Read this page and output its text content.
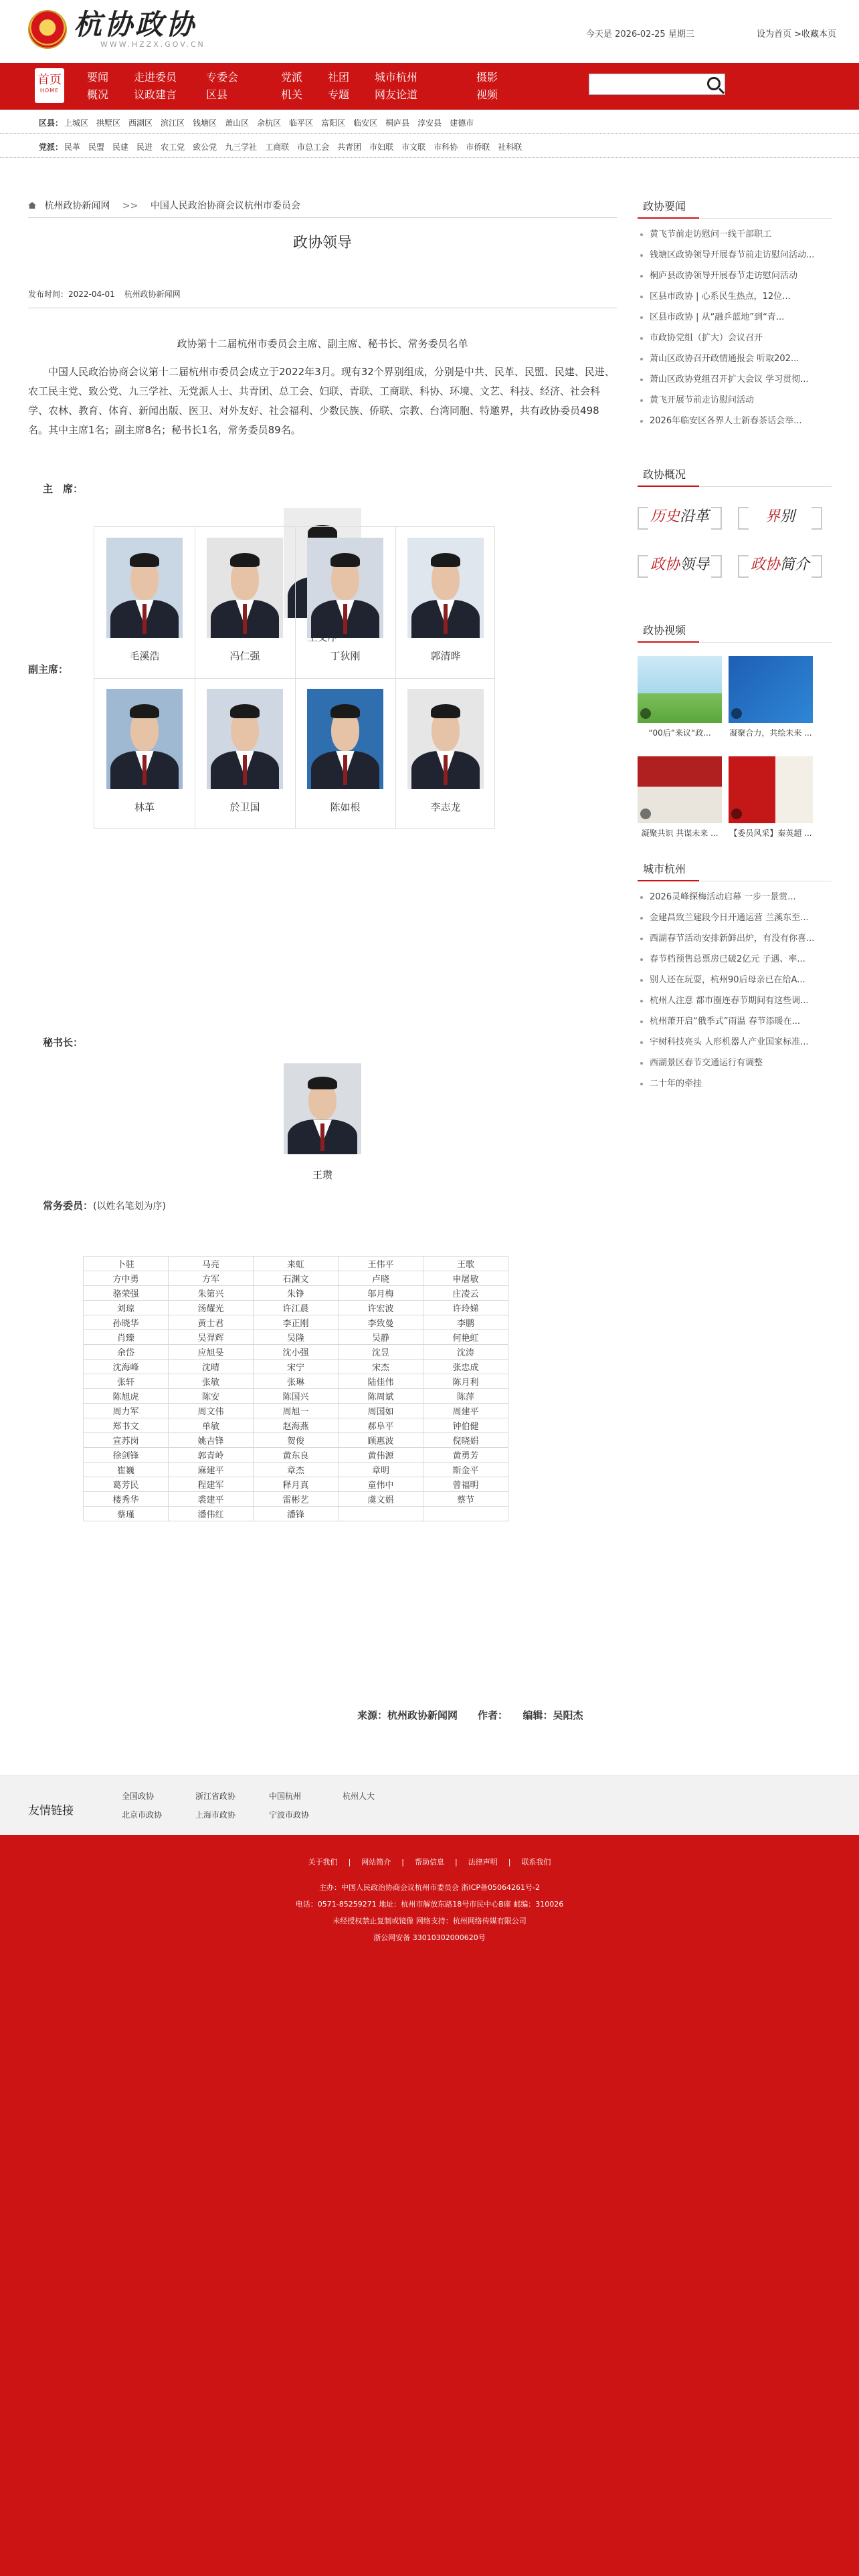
杭协政协
WWW.HZZX.GOV.CN
今天是 2026-02-25 星期三	设为首页 >收藏本页
首页
HOME
要闻
概况
走进委员
议政建言
专委会
区县
党派
机关
社团
专题
城市杭州
网友论道
摄影
视频
区县： 上城区 拱墅区 西湖区 滨江区 钱塘区 萧山区 余杭区 临平区 富阳区 临安区 桐庐县 淳安县 建德市
党派： 民革 民盟 民建 民进 农工党 致公党 九三学社 工商联 市总工会 共青团 市妇联 市文联 市科协 市侨联 社科联
杭州政协新闻网 >> 中国人民政治协商会议杭州市委员会
政协领导
发布时间：2022-04-01 杭州政协新闻网
政协第十二届杭州市委员会主席、副主席、秘书长、常务委员名单
中国人民政治协商会议第十二届杭州市委员会成立于2022年3月。现有32个界别组成，分别是中共、民革、民盟、民建、民进、农工民主党、致公党、九三学社、无党派人士、共青团、总工会、妇联、青联、工商联、科协、环境、文艺、科技、经济、社会科学、农林、教育、体育、新闻出版、医卫、对外友好、社会福利、少数民族、侨联、宗教、台湾同胞、特邀界，共有政协委员498名。其中主席1名；副主席8名；秘书长1名，常务委员89名。
主　席：
副主席：
毛溪浩	冯仁强	丁狄刚	郭清晔
林革	於卫国	陈如根	李志龙
秘书长：
王瓒
常务委员：(以姓名笔划为序)
卜驻	马亮	来虹	王伟平	王歌
方中勇	方军	石渊文	卢晓	申屠敏
骆荣强	朱第兴	朱铮	邬月梅	庄凌云
刘琼	汤耀光	许江晨	许宏波	许玲娣
孙晓华	黄士君	李正刚	李致曼	李鹏
肖臻	吴羿辉	吴隆	吴静	何艳虹
余岱	应旭旻	沈小强	沈昱	沈涛
沈海峰	沈晴	宋宁	宋杰	张忠成
张轩	张敏	张琳	陆佳伟	陈月利
陈旭虎	陈安	陈国兴	陈周斌	陈萍
周力军	周文伟	周旭一	周国如	周建平
郑书文	单敏	赵海燕	郝阜平	钟伯健
宣苏岗	姚吉锋	贺俊	顾惠波	倪晓娟
徐剑锋	郭青岭	黄东良	黄伟源	黄勇芳
崔巍	麻建平	章杰	章明	斯金平
葛芳民	程建军	释月真	童伟中	曾福明
楼秀华	裘建平	雷彬艺	虞文娟	蔡节
蔡瑾	潘伟红	潘锋		
来源：杭州政协新闻网　　作者：　　编辑：吴阳杰
政协要闻
黄飞节前走访慰问一线干部职工
钱塘区政协领导开展春节前走访慰问活动...
桐庐县政协领导开展春节走访慰问活动
区县市政协 | 心系民生热点，12位...
区县市政协 | 从“融乒蓝地”到“青...
市政协党组（扩大）会议召开
萧山区政协召开政情通报会 听取202...
萧山区政协党组召开扩大会议 学习贯彻...
黄飞开展节前走访慰问活动
2026年临安区各界人士新春茶话会举...
政协概况
历史沿革	界别
政协领导	政协简介
政协视频
“00后”来议“政...	凝聚合力，共绘未来 ...
凝聚共识 共谋未来 ...	【委员风采】秦英超 ...
城市杭州
2026灵峰探梅活动启幕 一步一景赏...
金建昌致兰建段今日开通运营 兰溪东至...
西湖春节活动安排新鲜出炉，有没有你喜...
春节档预售总票房已破2亿元 子遇、率...
别人还在玩耍，杭州90后母亲已在给A...
杭州人注意 都市圈连春节期间有这些调...
杭州萧开启“俄季式”雨温 春节添暖在...
宇树科技亮头 人形机器人产业国家标准...
西湖景区春节交通运行有调整
二十年的牵挂
友情链接
全国政协	浙江省政协	中国杭州	杭州人大
北京市政协	上海市政协	宁波市政协
关于我们 | 网站简介 | 帮助信息 | 法律声明 | 联系我们
主办：中国人民政治协商会议杭州市委员会 浙ICP备05064261号-2
电话：0571-85259271 地址：杭州市解放东路18号市民中心B座 邮编：310026
未经授权禁止复制或镜像 网络支持：杭州网络传媒有限公司
浙公网安备 33010302000620号
